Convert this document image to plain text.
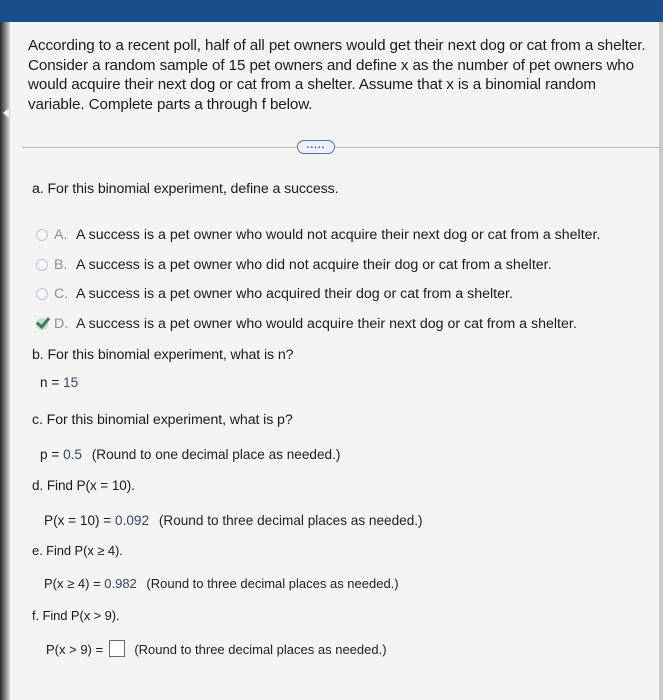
According to a recent poll, half of all pet owners would get their next dog or cat from a shelter. Consider a random sample of 15 pet owners and define x as the number of pet owners who would acquire their next dog or cat from a shelter. Assume that x is a binomial random variable. Complete parts a through f below.
.....
a. For this binomial experiment, define a success.
A. A success is a pet owner who would not acquire their next dog or cat from a shelter.
B. A success is a pet owner who did not acquire their dog or cat from a shelter.
C. A success is a pet owner who acquired their dog or cat from a shelter.
D. A success is a pet owner who would acquire their next dog or cat from a shelter.
b. For this binomial experiment, what is n?
n = 15
c. For this binomial experiment, what is p?
p = 0.5 (Round to one decimal place as needed.)
d. Find P(x = 10).
P(x = 10) = 0.092 (Round to three decimal places as needed.)
e. Find P(x ≥ 4).
P(x ≥ 4) = 0.982 (Round to three decimal places as needed.)
f. Find P(x > 9).
P(x > 9) = (Round to three decimal places as needed.)
